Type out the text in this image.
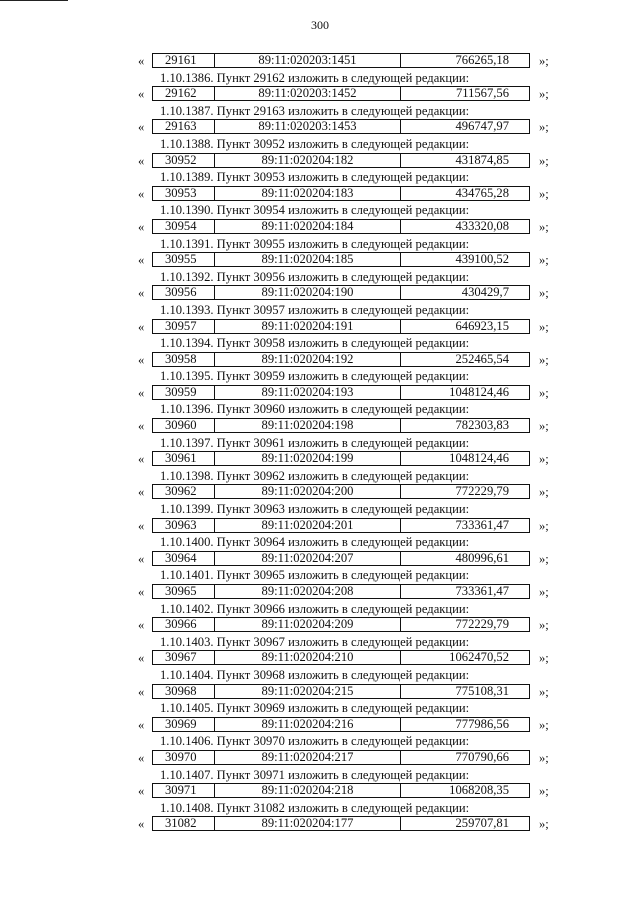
300
«	29161	89:11:020203:1451	766265,18	»;
1.10.1386. Пункт 29162 изложить в следующей редакции:
«	29162	89:11:020203:1452	711567,56	»;
1.10.1387. Пункт 29163 изложить в следующей редакции:
«	29163	89:11:020203:1453	496747,97	»;
1.10.1388. Пункт 30952 изложить в следующей редакции:
«	30952	89:11:020204:182	431874,85	»;
1.10.1389. Пункт 30953 изложить в следующей редакции:
«	30953	89:11:020204:183	434765,28	»;
1.10.1390. Пункт 30954 изложить в следующей редакции:
«	30954	89:11:020204:184	433320,08	»;
1.10.1391. Пункт 30955 изложить в следующей редакции:
«	30955	89:11:020204:185	439100,52	»;
1.10.1392. Пункт 30956 изложить в следующей редакции:
«	30956	89:11:020204:190	430429,7	»;
1.10.1393. Пункт 30957 изложить в следующей редакции:
«	30957	89:11:020204:191	646923,15	»;
1.10.1394. Пункт 30958 изложить в следующей редакции:
«	30958	89:11:020204:192	252465,54	»;
1.10.1395. Пункт 30959 изложить в следующей редакции:
«	30959	89:11:020204:193	1048124,46	»;
1.10.1396. Пункт 30960 изложить в следующей редакции:
«	30960	89:11:020204:198	782303,83	»;
1.10.1397. Пункт 30961 изложить в следующей редакции:
«	30961	89:11:020204:199	1048124,46	»;
1.10.1398. Пункт 30962 изложить в следующей редакции:
«	30962	89:11:020204:200	772229,79	»;
1.10.1399. Пункт 30963 изложить в следующей редакции:
«	30963	89:11:020204:201	733361,47	»;
1.10.1400. Пункт 30964 изложить в следующей редакции:
«	30964	89:11:020204:207	480996,61	»;
1.10.1401. Пункт 30965 изложить в следующей редакции:
«	30965	89:11:020204:208	733361,47	»;
1.10.1402. Пункт 30966 изложить в следующей редакции:
«	30966	89:11:020204:209	772229,79	»;
1.10.1403. Пункт 30967 изложить в следующей редакции:
«	30967	89:11:020204:210	1062470,52	»;
1.10.1404. Пункт 30968 изложить в следующей редакции:
«	30968	89:11:020204:215	775108,31	»;
1.10.1405. Пункт 30969 изложить в следующей редакции:
«	30969	89:11:020204:216	777986,56	»;
1.10.1406. Пункт 30970 изложить в следующей редакции:
«	30970	89:11:020204:217	770790,66	»;
1.10.1407. Пункт 30971 изложить в следующей редакции:
«	30971	89:11:020204:218	1068208,35	»;
1.10.1408. Пункт 31082 изложить в следующей редакции:
«	31082	89:11:020204:177	259707,81	»;
